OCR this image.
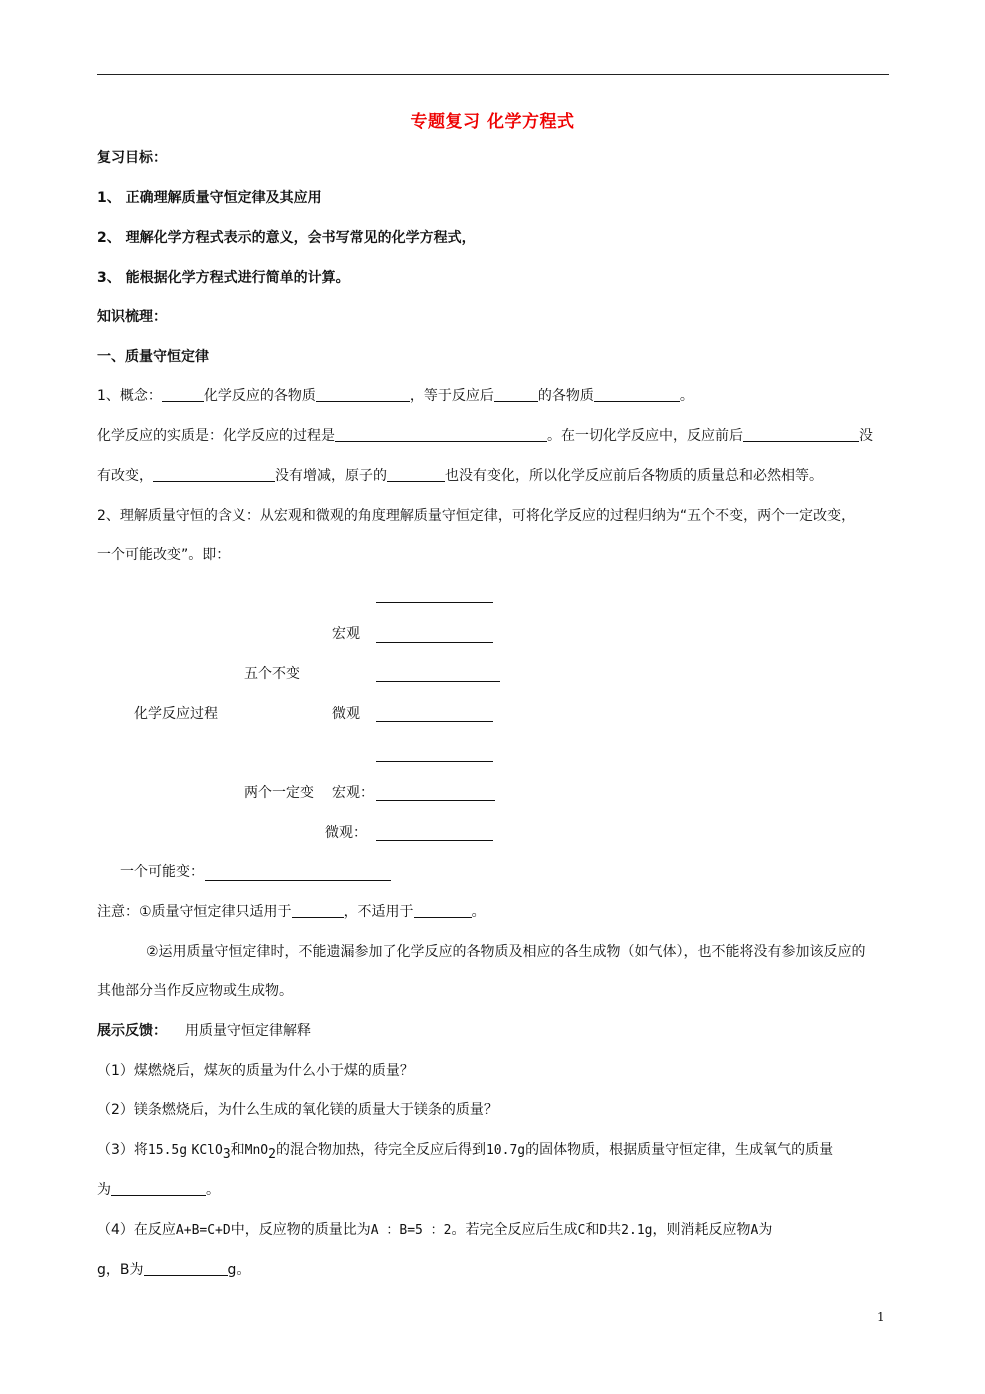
专题复习 化学方程式
复习目标：
1、 正确理解质量守恒定律及其应用
2、 理解化学方程式表示的意义，会书写常见的化学方程式，
3、 能根据化学方程式进行简单的计算。
知识梳理：
一、质量守恒定律
1、概念：	化学反应的各物质	，等于反应后	的各物质	。
化学反应的实质是：化学反应的过程是	。在一切化学反应中，反应前后	没
有改变，	没有增减，原子的	也没有变化，所以化学反应前后各物质的质量总和必然相等。
2、理解质量守恒的含义：从宏观和微观的角度理解质量守恒定律，可将化学反应的过程归纳为“五个不变，两个一定改变，
一个可能改变”。即：
宏观
五个不变
化学反应过程	微观
两个一定变 宏观：
微观：
一个可能变：
注意：①质量守恒定律只适用于	，不适用于	。
②运用质量守恒定律时，不能遗漏参加了化学反应的各物质及相应的各生成物（如气体），也不能将没有参加该反应的
其他部分当作反应物或生成物。
展示反馈： 用质量守恒定律解释
（1）煤燃烧后，煤灰的质量为什么小于煤的质量？
（2）镁条燃烧后，为什么生成的氧化镁的质量大于镁条的质量？
（3）将15.5g KClO$_3$和MnO$_2$的混合物加热，待完全反应后得到10.7g的固体物质，根据质量守恒定律，生成氧气的质量
为	。
（4）在反应A+B=C+D中，反应物的质量比为A ：B=5 ：2。若完全反应后生成C和D共2.1g，则消耗反应物A为
g，B为	g。
1
